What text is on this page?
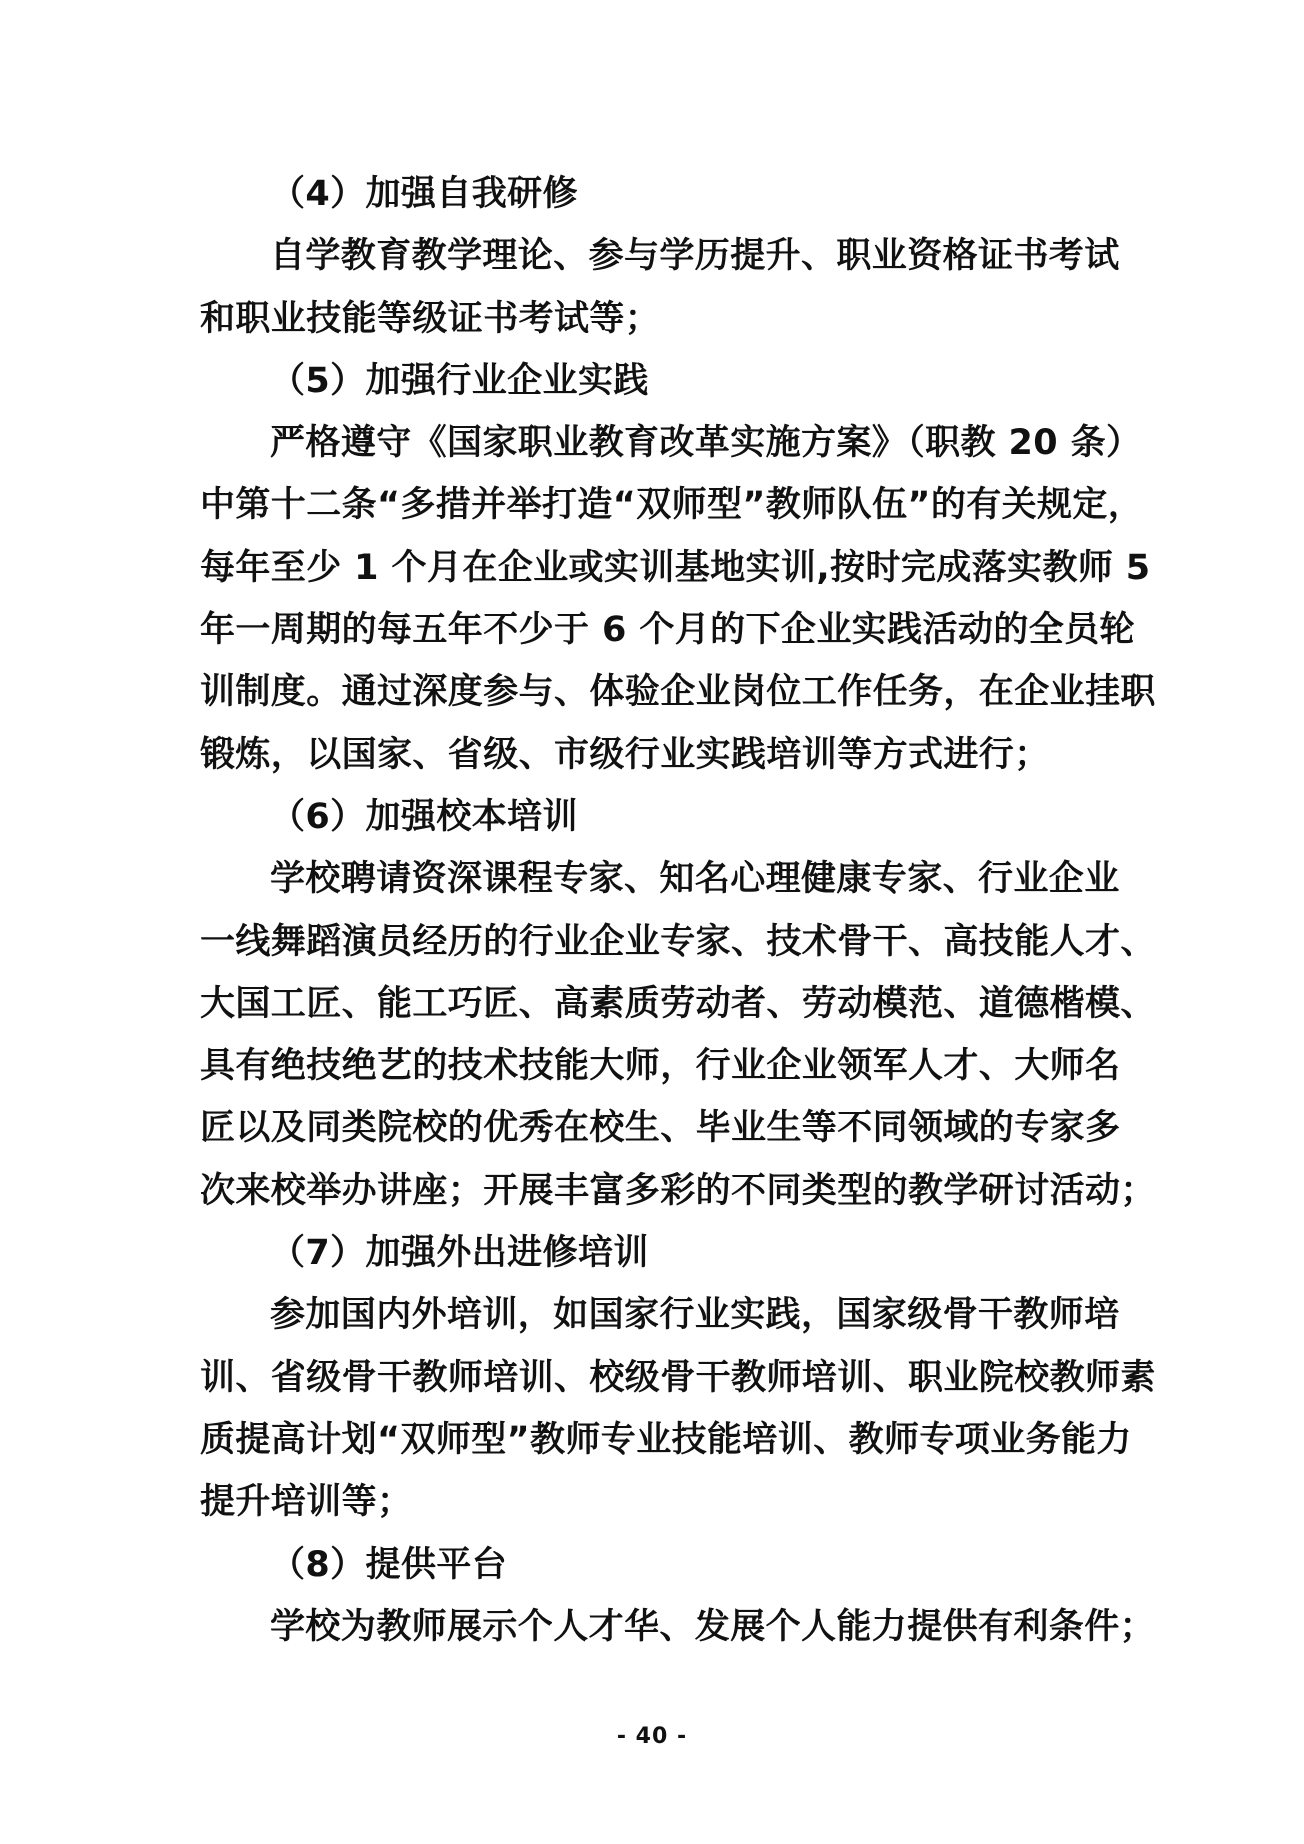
（4）加强自我研修
自学教育教学理论、参与学历提升、职业资格证书考试
和职业技能等级证书考试等；
（5）加强行业企业实践
严格遵守《国家职业教育改革实施方案》（职教 20 条）
中第十二条“多措并举打造“双师型”教师队伍”的有关规定，
每年至少 1 个月在企业或实训基地实训,按时完成落实教师 5
年一周期的每五年不少于 6 个月的下企业实践活动的全员轮
训制度。通过深度参与、体验企业岗位工作任务，在企业挂职
锻炼，以国家、省级、市级行业实践培训等方式进行；
（6）加强校本培训
学校聘请资深课程专家、知名心理健康专家、行业企业
一线舞蹈演员经历的行业企业专家、技术骨干、高技能人才、
大国工匠、能工巧匠、高素质劳动者、劳动模范、道德楷模、
具有绝技绝艺的技术技能大师，行业企业领军人才、大师名
匠以及同类院校的优秀在校生、毕业生等不同领域的专家多
次来校举办讲座；开展丰富多彩的不同类型的教学研讨活动；
（7）加强外出进修培训
参加国内外培训，如国家行业实践，国家级骨干教师培
训、省级骨干教师培训、校级骨干教师培训、职业院校教师素
质提高计划“双师型”教师专业技能培训、教师专项业务能力
提升培训等；
（8）提供平台
学校为教师展示个人才华、发展个人能力提供有利条件；
- 40 -
